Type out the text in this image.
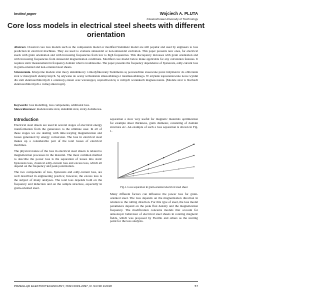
Invited paper	Wojciech A. PLUTA
Czestochowa University of Technology
Core loss models in electrical steel sheets with different
orientation

Abstract. Classical core loss models such as the components model or modified Steinmetz model are still popular and used by engineers to loss prediction in electrical machines. They are used to evaluate sinusoidal or non-sinusoidal excitation. This paper presents new ones, for electrical steels with grain orientation and with increasing frequencies from low to high frequencies. This discrepancy increases with grain orientation and with increasing frequencies from sinusoidal magnetization conditions. Modified core model below make applicable for any calculation features. It requires static measurement in frequency domain what is troublesome. The paper presents the frequency dependence of hysteresis, eddy-current loss in grain-oriented and non-oriented steel sheets.

Streszczenie. Klasyczne modele strat mocy składnikowy i zmodyfikowany Steinmetza są powszechnie stosowane przez inżynierów do obliczania strat w maszynach elektrycznych. Są używane do oceny wzbudzenia sinusoidalnego i niesinusoidalnego. W artykule zaprezentowano nowe wyniki dla stali elektrotechnicznych z orientacją ziaren oraz wzrastającą częstotliwością w różnych warunkach magnesowania. (Modele strat w blachach elektrotechnicznych o różnej anizotropii).

Keywords: loss modelling, loss components, additional loss.
Słowa kluczowe: modelowanie strat, składniki strat, straty dodatkowe.
Introduction

Electrical steel sheets are used in several stages of electrical energy transformation from the generators to the ultimate user. In all of these stages we are dealing with time-varying magnetization and losses generated by energy conversion. The loss in electrical steel makes up a considerable part of the total losses of electrical machines.

The physical nature of the loss in electrical steel sheets is related to magnetization processes in the material. The most common method to describe the power loss is the separation of losses into static hysteresis loss, classical eddy-current loss and excess loss, which all depend on the frequency and peak polarization.

The two components of loss, hysteresis and eddy-current loss, are well described in engineering practice; however, the excess loss is the subject of many analyses. The total loss depends both on the frequency and induction and on the sample structure, especially in grain-oriented steel.

separation a slow very useful for magnetic materials optimization for example sheet thickness, grain diameter, consisting of domain structure etc. An example of such a loss separation is shown in Fig. 1.

Fig.1. Loss separation in grain-oriented electrical steel sheet

Many different factors can influence the power loss for grain-oriented steel. The loss depends on the magnetization direction in relation to the rolling direction. For this type of steel, the loss model parameters depend on the peak flux density and the magnetization frequency. The modification concerns models that account for anisotropic behaviour of electrical steel sheets in rotating magnetic fields, which was proposed by Fiorillo and others as the starting point for the loss analysis.

PRZEGLĄD ELEKTROTECHNICZNY, ISSN 0033-2097, R. 94 NR 1/2018	57
